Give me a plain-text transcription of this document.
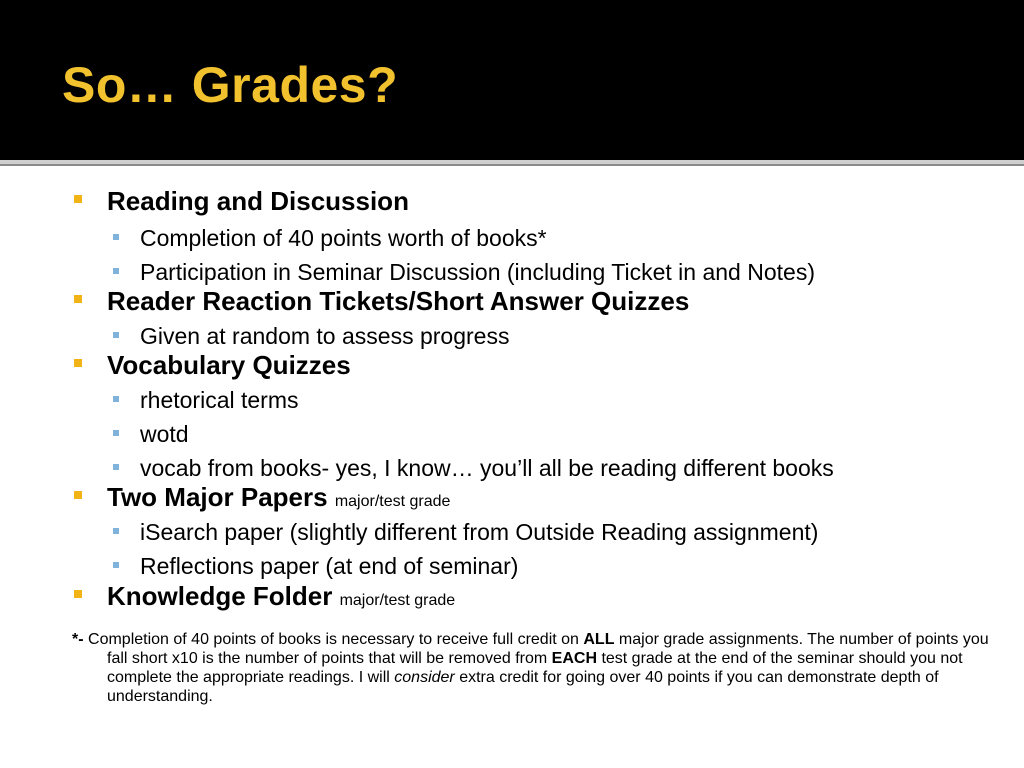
So… Grades?
Reading and Discussion
Completion of 40 points worth of books*
Participation in Seminar Discussion (including Ticket in and Notes)
Reader Reaction Tickets/Short Answer Quizzes
Given at random to assess progress
Vocabulary Quizzes
rhetorical terms
wotd
vocab from books- yes, I know… you’ll all be reading different books
Two Major Papers major/test grade
iSearch paper (slightly different from Outside Reading assignment)
Reflections paper (at end of seminar)
Knowledge Folder major/test grade
*- Completion of 40 points of books is necessary to receive full credit on ALL major grade assignments. The number of points you fall short x10 is the number of points that will be removed from EACH test grade at the end of the seminar should you not complete the appropriate readings. I will consider extra credit for going over 40 points if you can demonstrate depth of understanding.
